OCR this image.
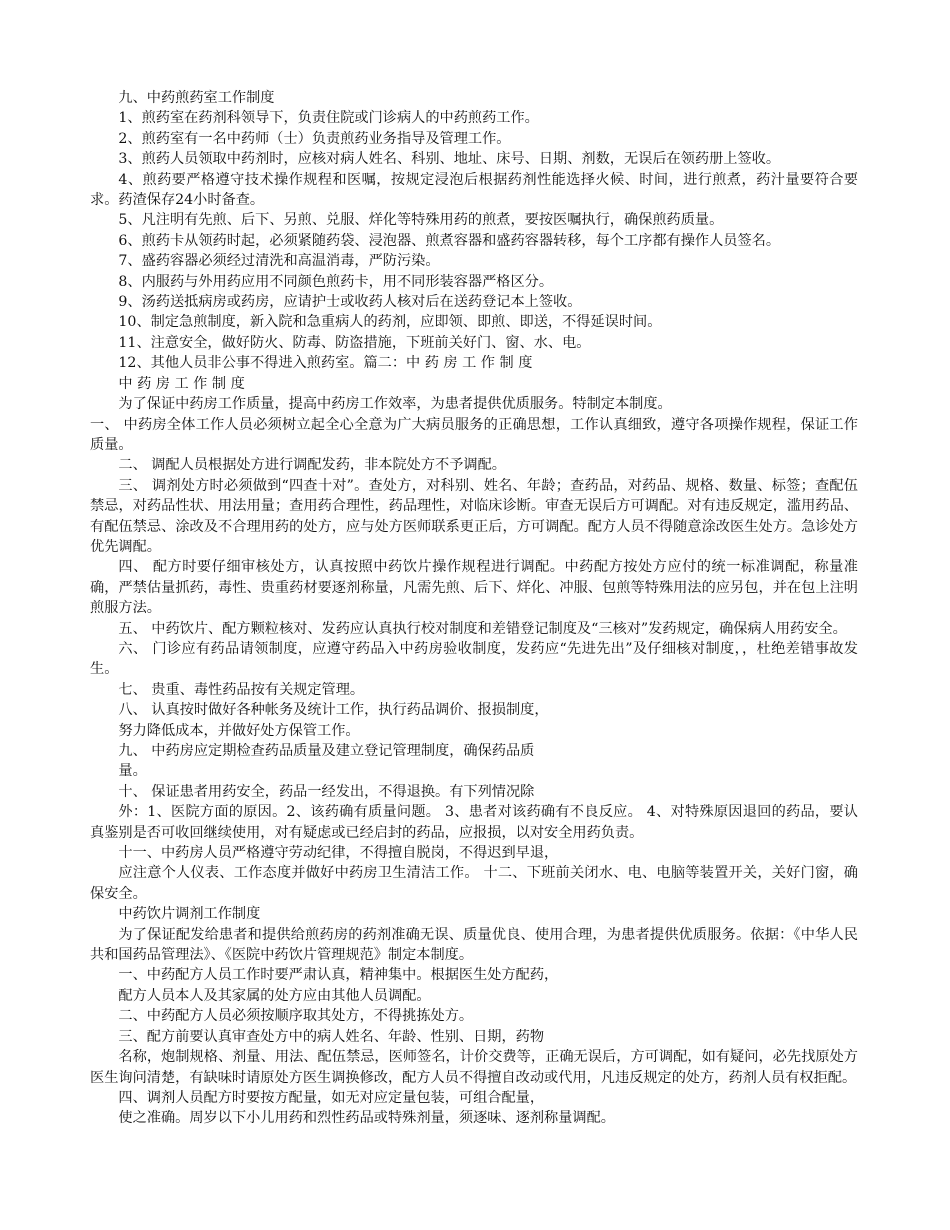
九、中药煎药室工作制度

1、煎药室在药剂科领导下，负责住院或门诊病人的中药煎药工作。

2、煎药室有一名中药师（士）负责煎药业务指导及管理工作。

3、煎药人员领取中药剂时，应核对病人姓名、科别、地址、床号、日期、剂数，无误后在领药册上签收。

4、煎药要严格遵守技术操作规程和医嘱，按规定浸泡后根据药剂性能选择火候、时间，进行煎煮，药汁量要符合要求。药渣保存24小时备查。

5、凡注明有先煎、后下、另煎、兑服、烊化等特殊用药的煎煮，要按医嘱执行，确保煎药质量。

6、煎药卡从领药时起，必须紧随药袋、浸泡器、煎煮容器和盛药容器转移，每个工序都有操作人员签名。

7、盛药容器必须经过清洗和高温消毒，严防污染。

8、内服药与外用药应用不同颜色煎药卡，用不同形装容器严格区分。

9、汤药送抵病房或药房，应请护士或收药人核对后在送药登记本上签收。

10、制定急煎制度，新入院和急重病人的药剂，应即领、即煎、即送，不得延误时间。

11、注意安全，做好防火、防毒、防盗措施，下班前关好门、窗、水、电。

12、其他人员非公事不得进入煎药室。篇二：中 药 房 工 作 制 度

中 药 房 工 作 制 度

为了保证中药房工作质量，提高中药房工作效率，为患者提供优质服务。特制定本制度。

一、 中药房全体工作人员必须树立起全心全意为广大病员服务的正确思想，工作认真细致，遵守各项操作规程，保证工作质量。

二、 调配人员根据处方进行调配发药，非本院处方不予调配。

三、 调剂处方时必须做到“四查十对”。查处方，对科别、姓名、年龄；查药品，对药品、规格、数量、标签；查配伍禁忌，对药品性状、用法用量；查用药合理性，药品理性，对临床诊断。审查无误后方可调配。对有违反规定，滥用药品、有配伍禁忌、涂改及不合理用药的处方，应与处方医师联系更正后，方可调配。配方人员不得随意涂改医生处方。急诊处方优先调配。

四、 配方时要仔细审核处方，认真按照中药饮片操作规程进行调配。中药配方按处方应付的统一标准调配，称量准确，严禁估量抓药，毒性、贵重药材要逐剂称量，凡需先煎、后下、烊化、冲服、包煎等特殊用法的应另包，并在包上注明煎服方法。

五、 中药饮片、配方颗粒核对、发药应认真执行校对制度和差错登记制度及“三核对”发药规定，确保病人用药安全。

六、 门诊应有药品请领制度，应遵守药品入中药房验收制度，发药应“先进先出”及仔细核对制度，，杜绝差错事故发生。

七、 贵重、毒性药品按有关规定管理。

八、 认真按时做好各种帐务及统计工作，执行药品调价、报损制度，

努力降低成本，并做好处方保管工作。

九、 中药房应定期检查药品质量及建立登记管理制度，确保药品质

量。

十、 保证患者用药安全，药品一经发出，不得退换。有下列情况除

外：1、医院方面的原因。2、该药确有质量问题。 3、患者对该药确有不良反应。 4、对特殊原因退回的药品，要认真鉴别是否可收回继续使用，对有疑虑或已经启封的药品，应报损，以对安全用药负责。

十一、中药房人员严格遵守劳动纪律，不得擅自脱岗，不得迟到早退，

应注意个人仪表、工作态度并做好中药房卫生清洁工作。 十二、下班前关闭水、电、电脑等装置开关，关好门窗，确保安全。

中药饮片调剂工作制度

为了保证配发给患者和提供给煎药房的药剂准确无误、质量优良、使用合理，为患者提供优质服务。依据：《中华人民共和国药品管理法》、《医院中药饮片管理规范》制定本制度。

一、中药配方人员工作时要严肃认真，精神集中。根据医生处方配药，

配方人员本人及其家属的处方应由其他人员调配。

二、中药配方人员必须按顺序取其处方，不得挑拣处方。

三、配方前要认真审查处方中的病人姓名、年龄、性别、日期，药物

名称，炮制规格、剂量、用法、配伍禁忌，医师签名，计价交费等，正确无误后，方可调配，如有疑问，必先找原处方医生询问清楚，有缺味时请原处方医生调换修改，配方人员不得擅自改动或代用，凡违反规定的处方，药剂人员有权拒配。

四、调剂人员配方时要按方配量，如无对应定量包装，可组合配量，

使之准确。周岁以下小儿用药和烈性药品或特殊剂量，须逐味、逐剂称量调配。
